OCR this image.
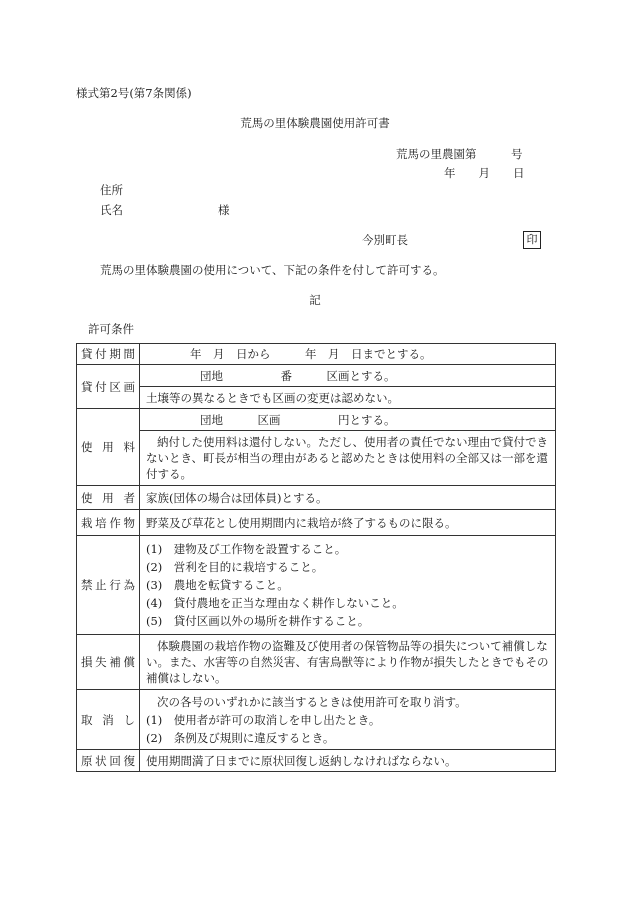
様式第2号(第7条関係)
荒馬の里体験農園使用許可書
荒馬の里農園第　　　号
年　　月　　日
住所
氏名	様
今別町長	印
荒馬の里体験農園の使用について、下記の条件を付して許可する。
記
許可条件
貸付期間	年　月　日から　　　年　月　日までとする。
貸付区画	団地　　　　　番　　　区画とする。
	土壌等の異なるときでも区画の変更は認めない。
使用料	団地　　　区画　　　　　円とする。
	納付した使用料は還付しない。ただし、使用者の責任でない理由で貸付できないとき、町長が相当の理由があると認めたときは使用料の全部又は一部を還付する。
使用者	家族(団体の場合は団体員)とする。
栽培作物	野菜及び草花とし使用期間内に栽培が終了するものに限る。
禁止行為	(1)　建物及び工作物を設置すること。
(2)　営利を目的に栽培すること。
(3)　農地を転貸すること。
(4)　貸付農地を正当な理由なく耕作しないこと。
(5)　貸付区画以外の場所を耕作すること。

損失補償	体験農園の栽培作物の盗難及び使用者の保管物品等の損失について補償しない。また、水害等の自然災害、有害鳥獣等により作物が損失したときでもその補償はしない。
取消し	次の各号のいずれかに該当するときは使用許可を取り消す。
(1)　使用者が許可の取消しを申し出たとき。
(2)　条例及び規則に違反するとき。

原状回復	使用期間満了日までに原状回復し返納しなければならない。
